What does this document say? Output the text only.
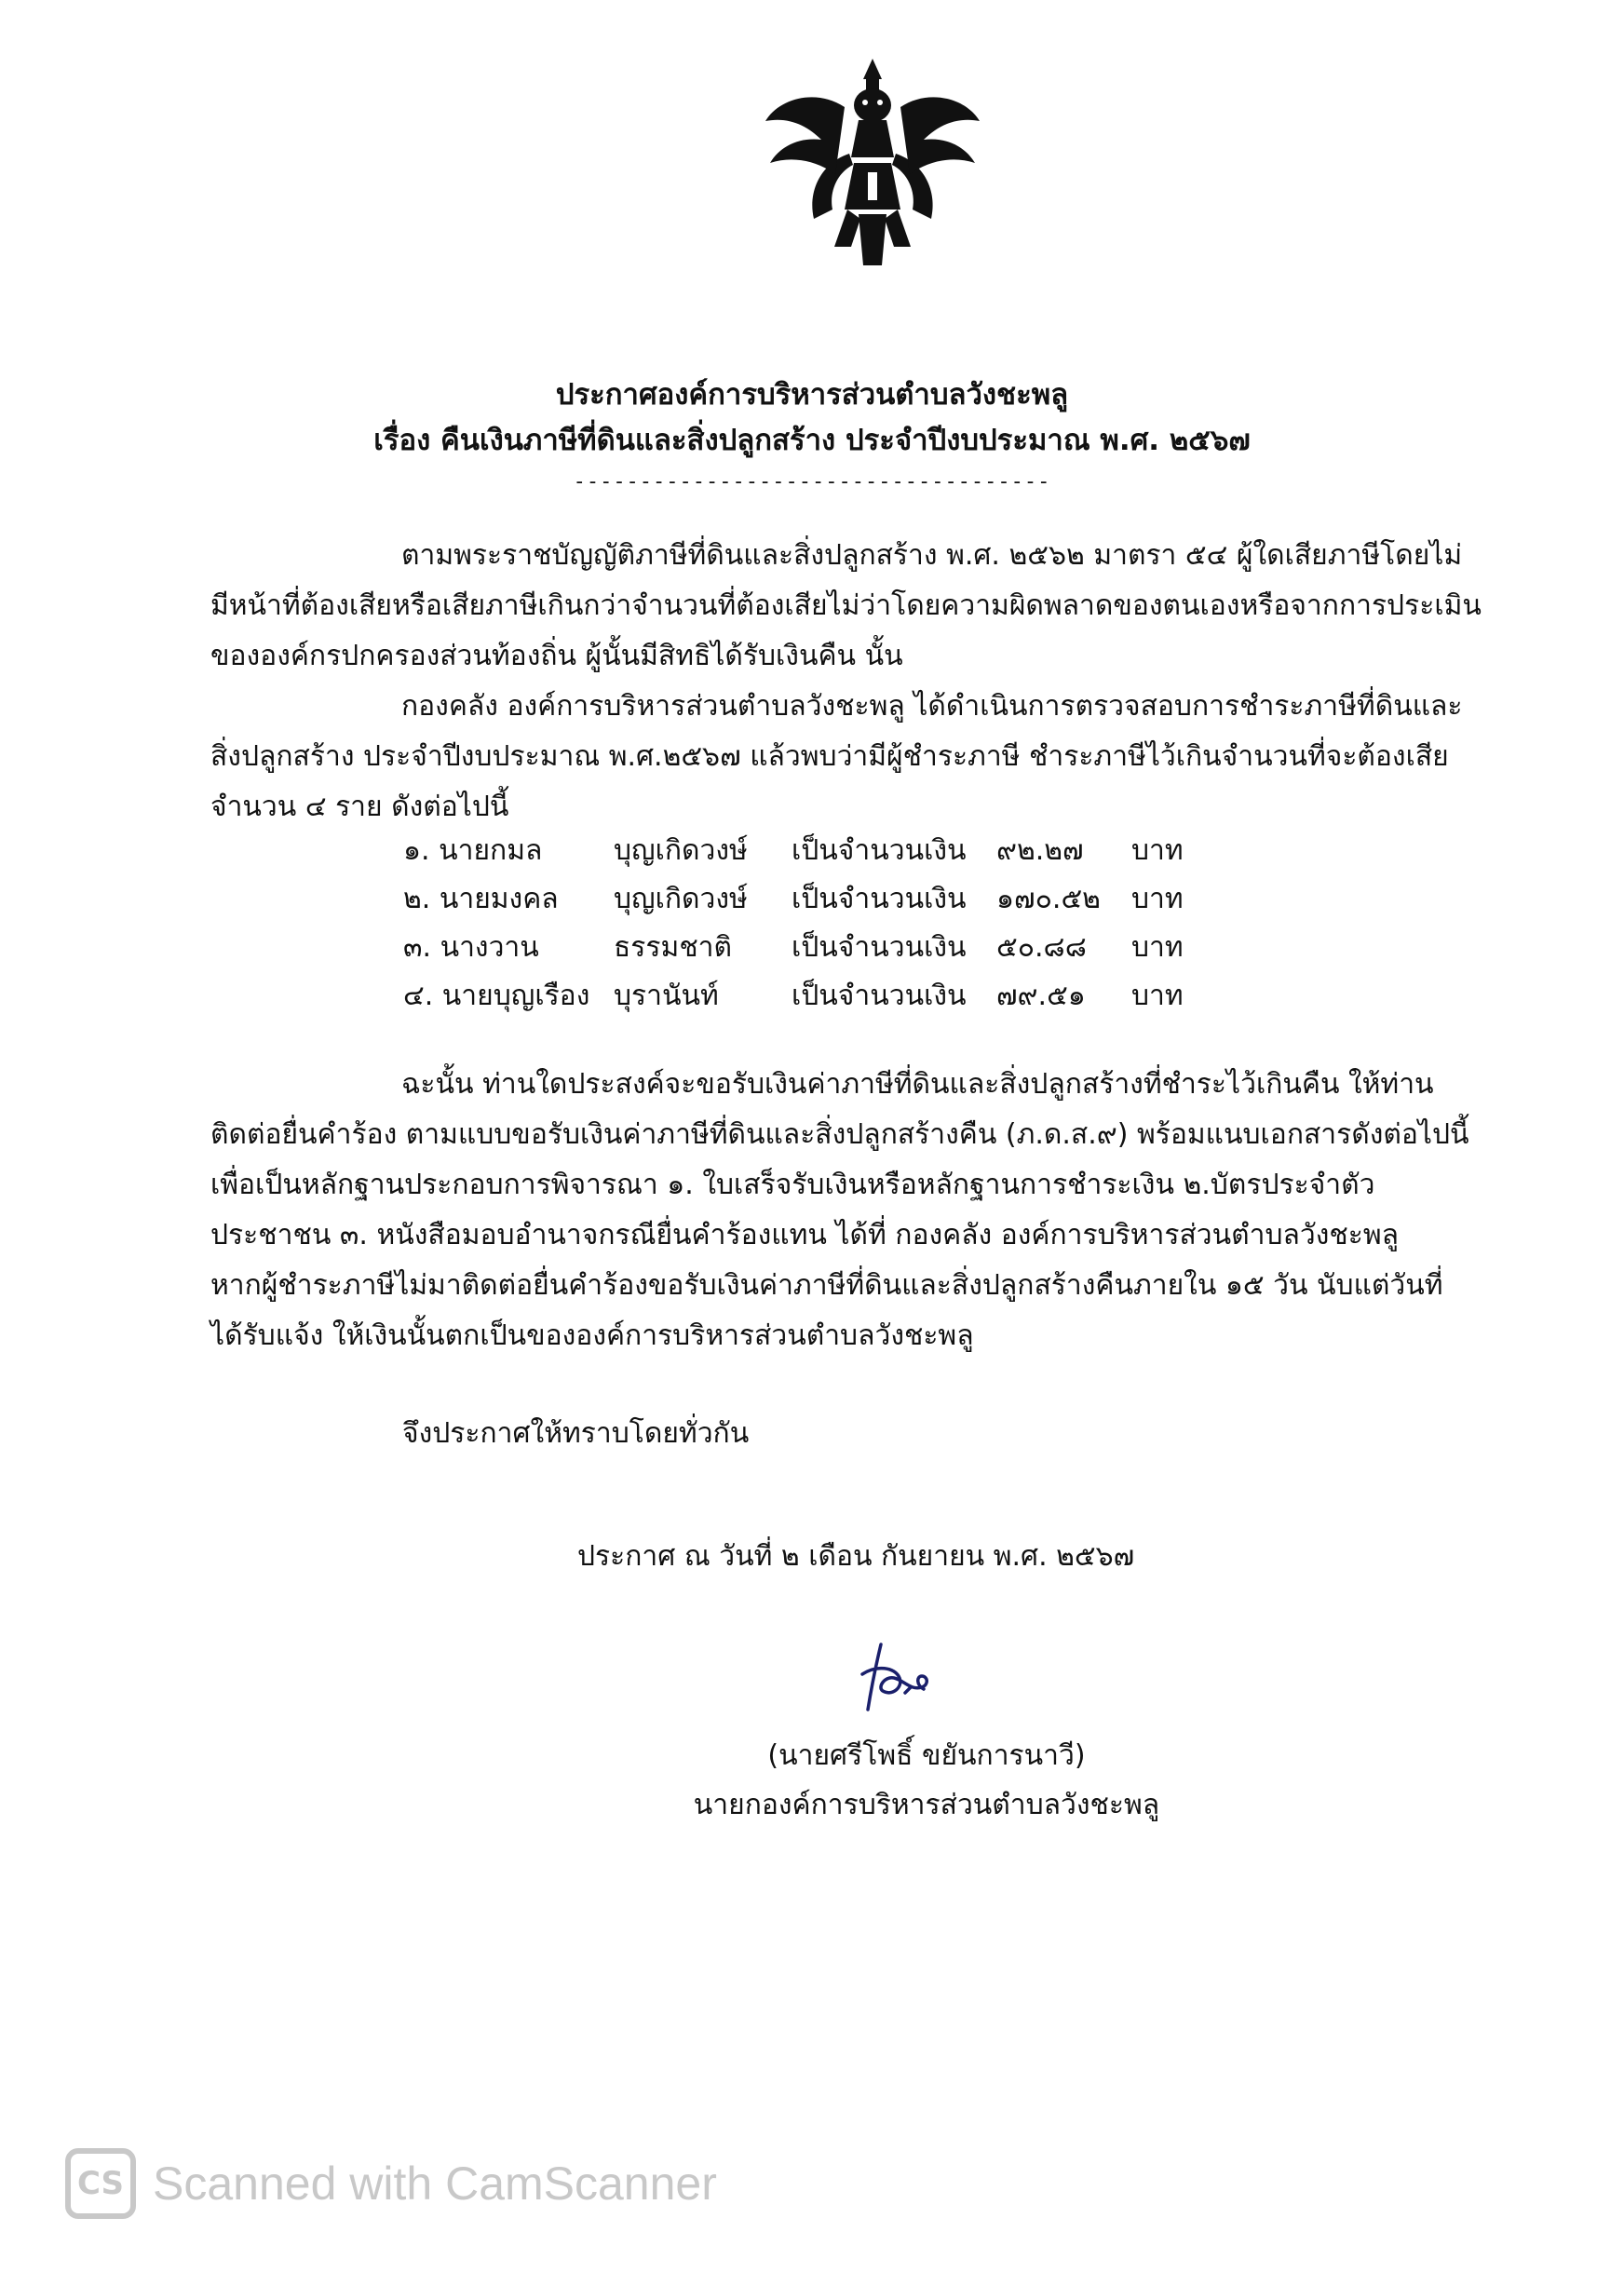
ประกาศองค์การบริหารส่วนตำบลวังชะพลู
เรื่อง คืนเงินภาษีที่ดินและสิ่งปลูกสร้าง ประจำปีงบประมาณ พ.ศ. ๒๕๖๗
------------------------------------
ตามพระราชบัญญัติภาษีที่ดินและสิ่งปลูกสร้าง พ.ศ. ๒๕๖๒ มาตรา ๕๔ ผู้ใดเสียภาษีโดยไม่
มีหน้าที่ต้องเสียหรือเสียภาษีเกินกว่าจำนวนที่ต้องเสียไม่ว่าโดยความผิดพลาดของตนเองหรือจากการประเมิน
ขององค์กรปกครองส่วนท้องถิ่น ผู้นั้นมีสิทธิได้รับเงินคืน นั้น
กองคลัง องค์การบริหารส่วนตำบลวังชะพลู ได้ดำเนินการตรวจสอบการชำระภาษีที่ดินและ
สิ่งปลูกสร้าง ประจำปีงบประมาณ พ.ศ.๒๕๖๗ แล้วพบว่ามีผู้ชำระภาษี ชำระภาษีไว้เกินจำนวนที่จะต้องเสีย
จำนวน ๔ ราย ดังต่อไปนี้
๑. นายกมล	บุญเกิดวงษ์ เป็นจำนวนเงิน ๙๒.๒๗ บาท
๒. นายมงคล บุญเกิดวงษ์ เป็นจำนวนเงิน ๑๗๐.๕๒ บาท
๓. นางวาน	ธรรมชาติ เป็นจำนวนเงิน ๕๐.๘๘ บาท
๔. นายบุญเรือง บุรานันท์	เป็นจำนวนเงิน ๗๙.๕๑ บาท
ฉะนั้น ท่านใดประสงค์จะขอรับเงินค่าภาษีที่ดินและสิ่งปลูกสร้างที่ชำระไว้เกินคืน ให้ท่าน
ติดต่อยื่นคำร้อง ตามแบบขอรับเงินค่าภาษีที่ดินและสิ่งปลูกสร้างคืน (ภ.ด.ส.๙) พร้อมแนบเอกสารดังต่อไปนี้
เพื่อเป็นหลักฐานประกอบการพิจารณา ๑. ใบเสร็จรับเงินหรือหลักฐานการชำระเงิน ๒.บัตรประจำตัว
ประชาชน ๓. หนังสือมอบอำนาจกรณียื่นคำร้องแทน ได้ที่ กองคลัง องค์การบริหารส่วนตำบลวังชะพลู
หากผู้ชำระภาษีไม่มาติดต่อยื่นคำร้องขอรับเงินค่าภาษีที่ดินและสิ่งปลูกสร้างคืนภายใน ๑๕ วัน นับแต่วันที่
ได้รับแจ้ง ให้เงินนั้นตกเป็นขององค์การบริหารส่วนตำบลวังชะพลู
จึงประกาศให้ทราบโดยทั่วกัน
ประกาศ ณ วันที่ ๒ เดือน กันยายน พ.ศ. ๒๕๖๗
(นายศรีโพธิ์ ขยันการนาวี)
นายกองค์การบริหารส่วนตำบลวังชะพลู
CS Scanned with CamScanner
